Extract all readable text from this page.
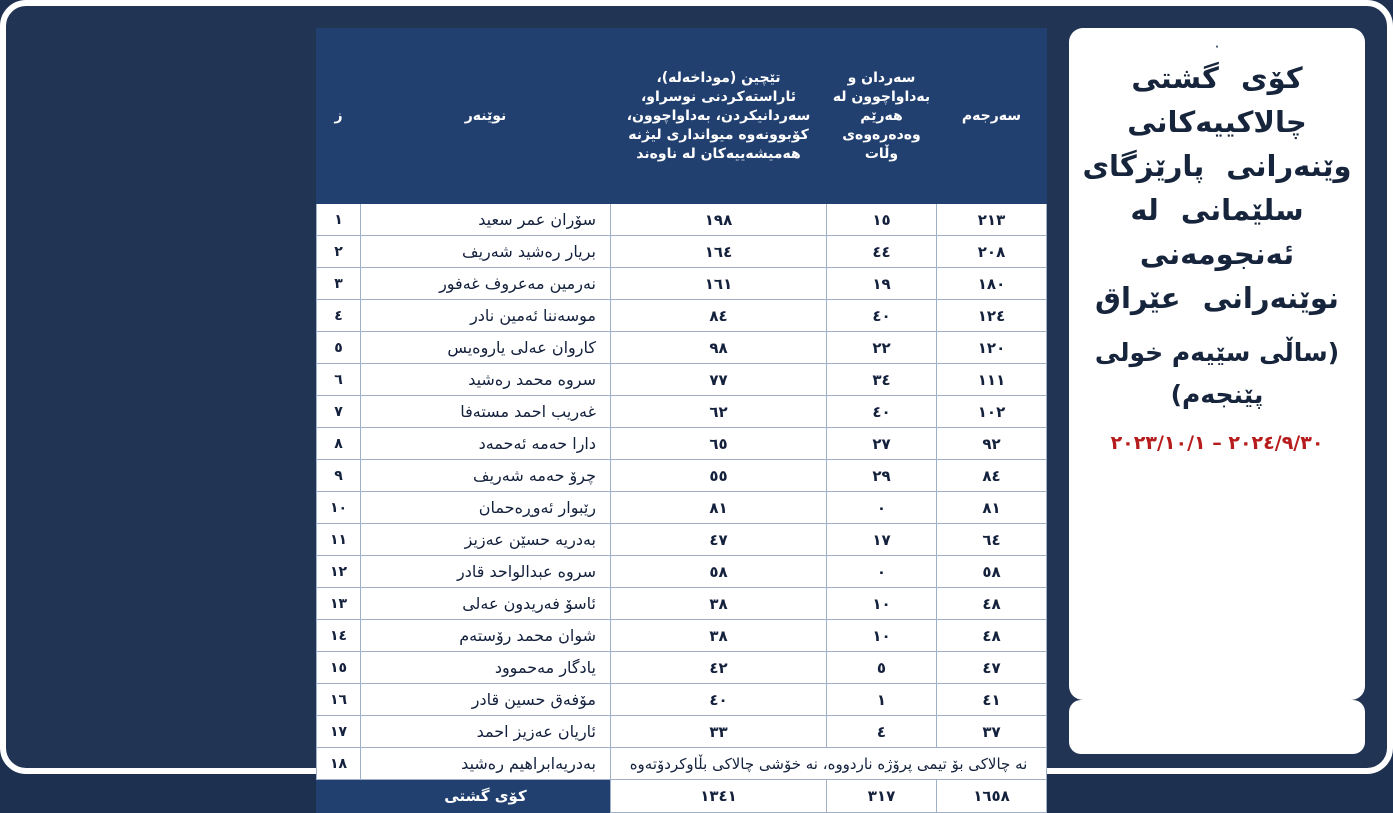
سەرجەم	سەردان و بەداواچوون لە هەرێم وەدەرەوەی وڵات	تێچین (مودا‌خەلە)، ئاراستەكردنی نوسراو، سەردانیكردن، بەداواچوون، كۆبوونەوە میوانداری لیژنە هەمیشەییەكان لە ناوەند	نوێنەر	ز
٢١٣	١٥	١٩٨	سۆران عمر سعید	١
٢٠٨	٤٤	١٦٤	بریار رەشید شەریف	٢
١٨٠	١٩	١٦١	نەرمین مەعروف غەفور	٣
١٢٤	٤٠	٨٤	موسەننا ئەمین نادر	٤
١٢٠	٢٢	٩٨	كاروان عەلی یاروەیس	٥
١١١	٣٤	٧٧	سروە محمد رەشید	٦
١٠٢	٤٠	٦٢	غەریب احمد مستەفا	٧
٩٢	٢٧	٦٥	دارا حەمە ئەحمەد	٨
٨٤	٢٩	٥٥	چرۆ حەمە شەریف	٩
٨١	٠	٨١	رێبوار ئەوڕەحمان	١٠
٦٤	١٧	٤٧	بەدریە حسێن عەزیز	١١
٥٨	٠	٥٨	سروە عبدالواحد قادر	١٢
٤٨	١٠	٣٨	ئاسۆ فەریدون عەلی	١٣
٤٨	١٠	٣٨	شوان محمد رۆستەم	١٤
٤٧	٥	٤٢	یادگار مەحموود	١٥
٤١	١	٤٠	مۆفەق حسین قادر	١٦
٣٧	٤	٣٣	ئاریان عەزیز احمد	١٧
نە چالاكی بۆ تیمی پرۆژە ناردووە، نە خۆشی چالاكی بڵاوكردۆتەوە			بەدریەابراهیم رەشید	١٨
١٦٥٨	٣١٧	١٣٤١	كۆی گشتی	
٠
كۆی گشتی چالاكییەكانی وێنەرانی پارێزگای سلێمانی لە ئەنجومەنی نوێنەرانی عێراق
(ساڵی سێیەم خولی پێنجەم)
٢٠٢٣/١٠/١ – ٢٠٢٤/٩/٣٠
